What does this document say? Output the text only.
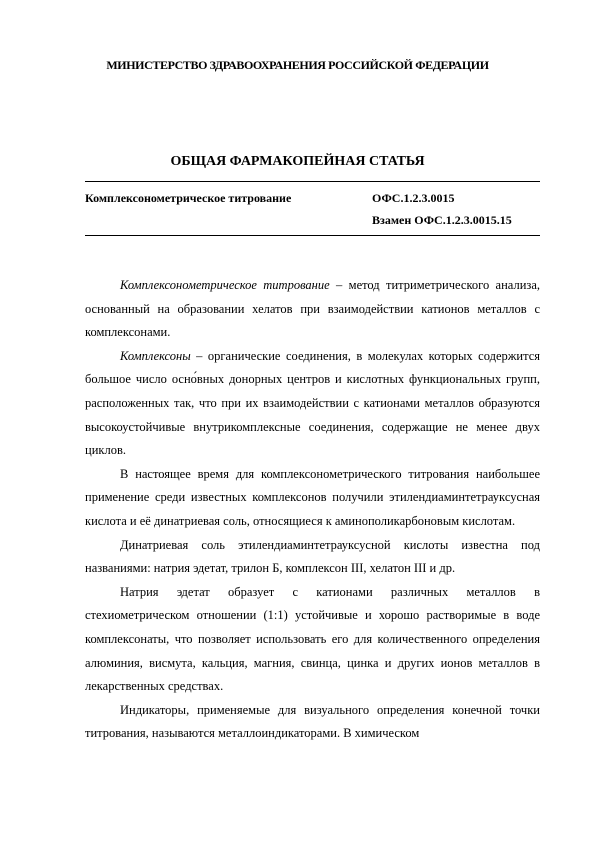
МИНИСТЕРСТВО ЗДРАВООХРАНЕНИЯ РОССИЙСКОЙ ФЕДЕРАЦИИ
ОБЩАЯ ФАРМАКОПЕЙНАЯ СТАТЬЯ
Комплексонометрическое титрование	ОФС.1.2.3.0015
Взамен ОФС.1.2.3.0015.15

Комплексонометрическое титрование – метод титриметрического анализа, основанный на образовании хелатов при взаимодействии катионов металлов с комплексонами.

Комплексоны – органические соединения, в молекулах которых содержится большое число осно́вных донорных центров и кислотных функциональных групп, расположенных так, что при их взаимодействии с катионами металлов образуются высокоустойчивые внутрикомплексные соединения, содержащие не менее двух циклов.

В настоящее время для комплексонометрического титрования наибольшее применение среди известных комплексонов получили этилендиаминтетрауксусная кислота и её динатриевая соль, относящиеся к аминополикарбоновым кислотам.

Динатриевая соль этилендиаминтетрауксусной кислоты известна под названиями: натрия эдетат, трилон Б, комплексон III, хелатон III и др.

Натрия эдетат образует с катионами различных металлов в стехиометрическом отношении (1:1) устойчивые и хорошо растворимые в воде комплексонаты, что позволяет использовать его для количественного определения алюминия, висмута, кальция, магния, свинца, цинка и других ионов металлов в лекарственных средствах.

Индикаторы, применяемые для визуального определения конечной точки титрования, называются металлоиндикаторами. В химическом
